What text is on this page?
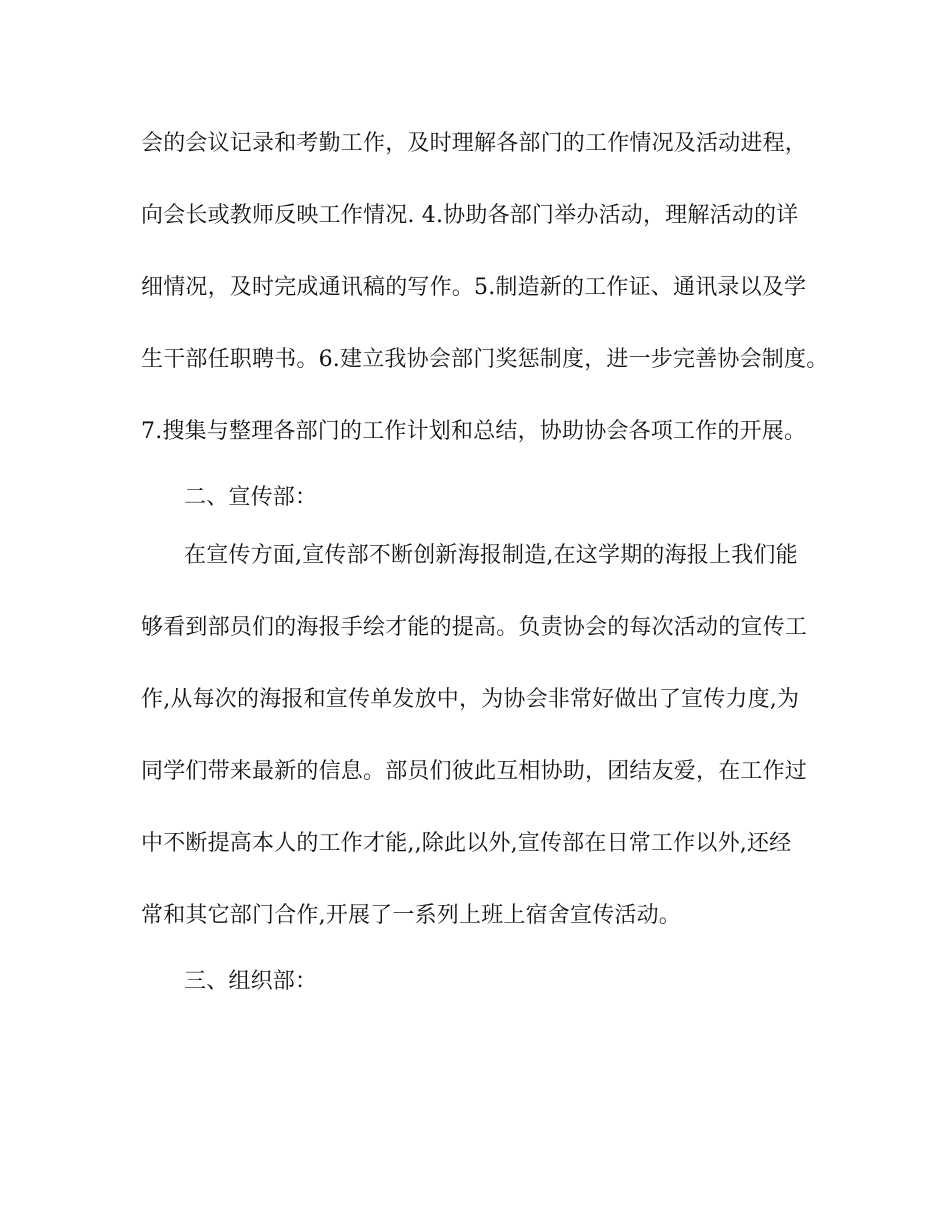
会的会议记录和考勤工作，及时理解各部门的工作情况及活动进程，
向会长或教师反映工作情况. 4.协助各部门举办活动，理解活动的详
细情况，及时完成通讯稿的写作。5.制造新的工作证、通讯录以及学
生干部任职聘书。6.建立我协会部门奖惩制度，进一步完善协会制度。
7.搜集与整理各部门的工作计划和总结，协助协会各项工作的开展。
二、宣传部：
在宣传方面,宣传部不断创新海报制造,在这学期的海报上我们能
够看到部员们的海报手绘才能的提高。负责协会的每次活动的宣传工
作,从每次的海报和宣传单发放中，为协会非常好做出了宣传力度,为
同学们带来最新的信息。部员们彼此互相协助，团结友爱，在工作过
中不断提高本人的工作才能,,除此以外,宣传部在日常工作以外,还经
常和其它部门合作,开展了一系列上班上宿舍宣传活动。
三、组织部：
